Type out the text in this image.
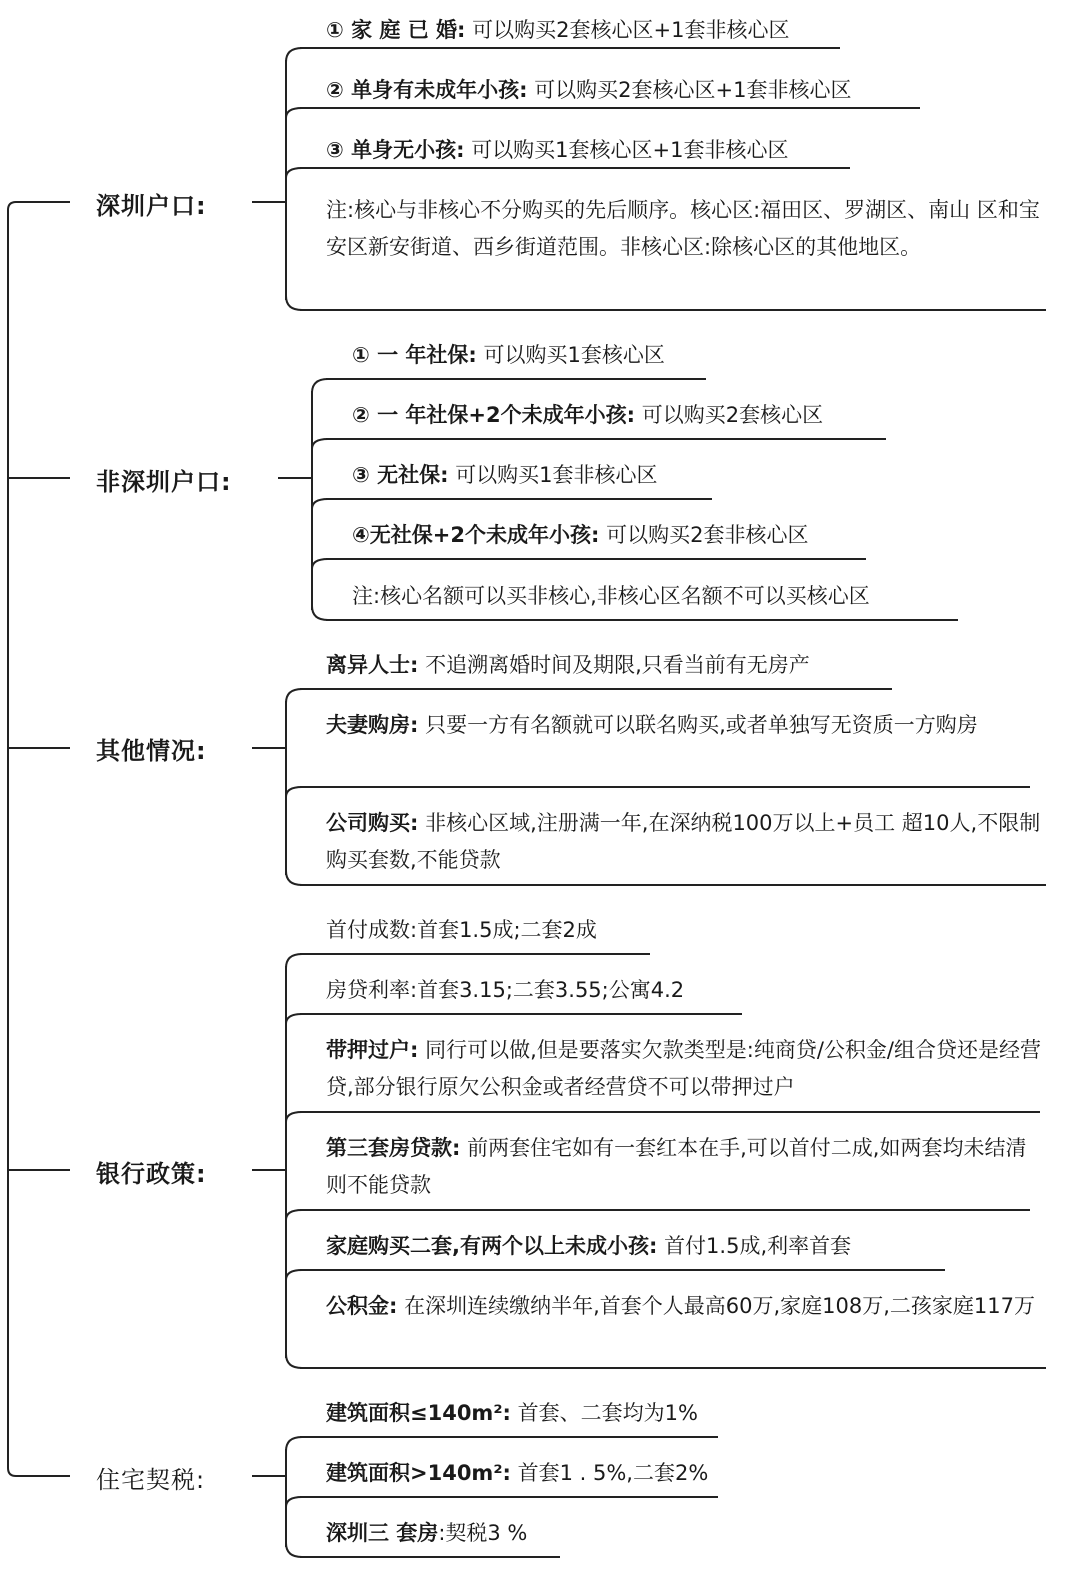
深圳户口:
① 家 庭 已 婚: 可以购买2套核心区+1套非核心区
② 单身有未成年小孩: 可以购买2套核心区+1套非核心区
③ 单身无小孩: 可以购买1套核心区+1套非核心区
注:核心与非核心不分购买的先后顺序。核心区:福田区、罗湖区、南山 区和宝安区新安街道、西乡街道范围。非核心区:除核心区的其他地区。
非深圳户口:
① 一 年社保: 可以购买1套核心区
② 一 年社保+2个未成年小孩: 可以购买2套核心区
③ 无社保: 可以购买1套非核心区
④无社保+2个未成年小孩: 可以购买2套非核心区
注:核心名额可以买非核心,非核心区名额不可以买核心区
其他情况:
离异人士: 不追溯离婚时间及期限,只看当前有无房产
夫妻购房: 只要一方有名额就可以联名购买,或者单独写无资质一方购房
公司购买: 非核心区域,注册满一年,在深纳税100万以上+员工 超10人,不限制购买套数,不能贷款
银行政策:
首付成数:首套1.5成;二套2成
房贷利率:首套3.15;二套3.55;公寓4.2
带押过户: 同行可以做,但是要落实欠款类型是:纯商贷/公积金/组合贷还是经营贷,部分银行原欠公积金或者经营贷不可以带押过户
第三套房贷款: 前两套住宅如有一套红本在手,可以首付二成,如两套均未结清则不能贷款
家庭购买二套,有两个以上未成小孩: 首付1.5成,利率首套
公积金: 在深圳连续缴纳半年,首套个人最高60万,家庭108万,二孩家庭117万
住宅契税:
建筑面积≤140m²: 首套、二套均为1%
建筑面积>140m²: 首套1 . 5%,二套2%
深圳三 套房:契税3 %
